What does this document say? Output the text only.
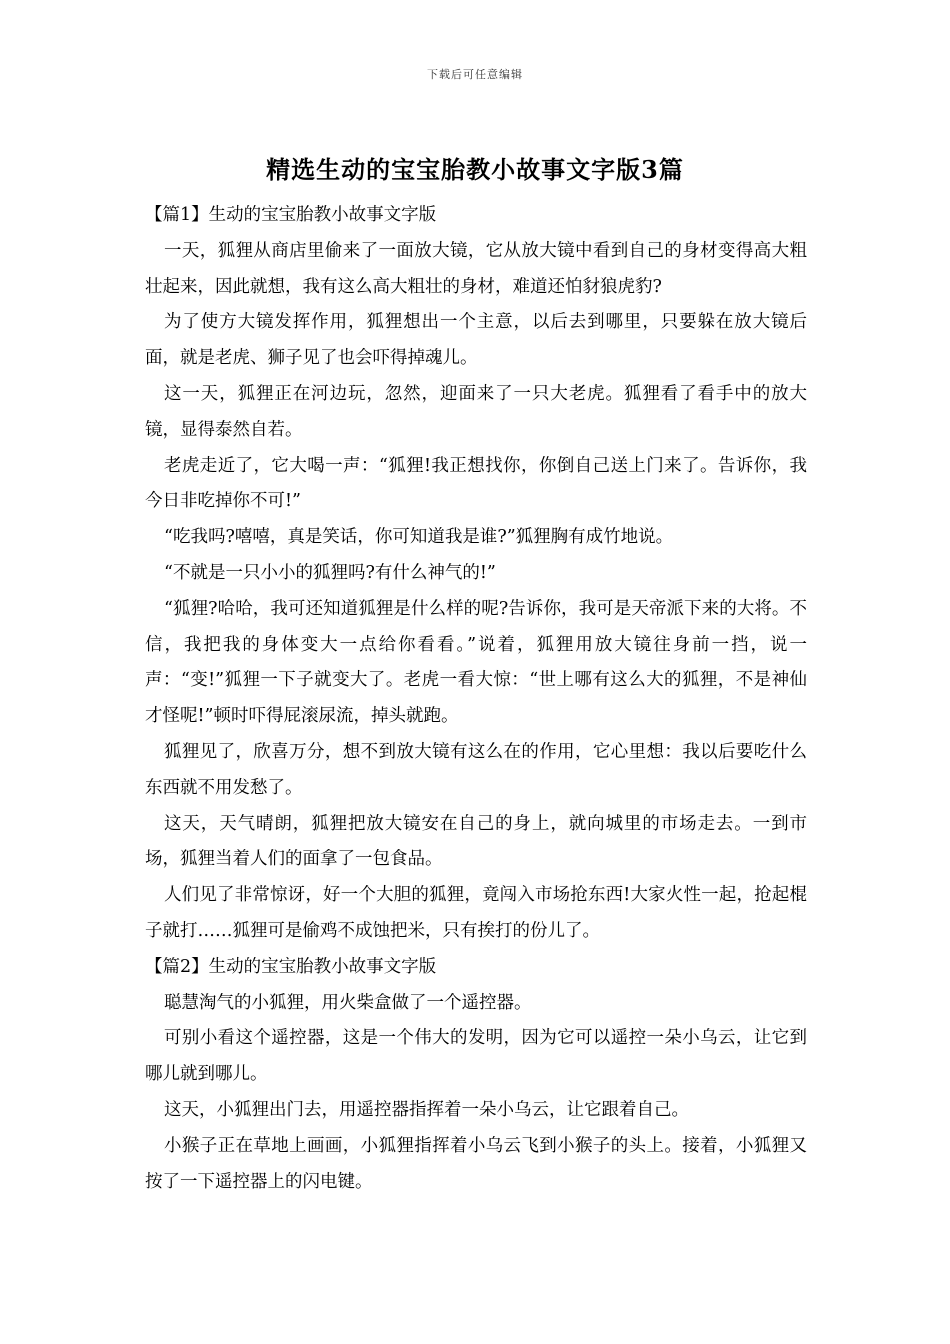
下载后可任意编辑
精选生动的宝宝胎教小故事文字版3篇

【篇1】生动的宝宝胎教小故事文字版

一天，狐狸从商店里偷来了一面放大镜，它从放大镜中看到自己的身材变得高大粗壮起来，因此就想，我有这么高大粗壮的身材，难道还怕豺狼虎豹?

为了使方大镜发挥作用，狐狸想出一个主意，以后去到哪里，只要躲在放大镜后面，就是老虎、狮子见了也会吓得掉魂儿。

这一天，狐狸正在河边玩，忽然，迎面来了一只大老虎。狐狸看了看手中的放大镜，显得泰然自若。

老虎走近了，它大喝一声：“狐狸!我正想找你，你倒自己送上门来了。告诉你，我今日非吃掉你不可!”

“吃我吗?嘻嘻，真是笑话，你可知道我是谁?”狐狸胸有成竹地说。

“不就是一只小小的狐狸吗?有什么神气的!”

“狐狸?哈哈，我可还知道狐狸是什么样的呢?告诉你，我可是天帝派下来的大将。不信，我把我的身体变大一点给你看看。”说着，狐狸用放大镜往身前一挡，说一声：“变!”狐狸一下子就变大了。老虎一看大惊：“世上哪有这么大的狐狸，不是神仙才怪呢!”顿时吓得屁滚尿流，掉头就跑。

狐狸见了，欣喜万分，想不到放大镜有这么在的作用，它心里想：我以后要吃什么东西就不用发愁了。

这天，天气晴朗，狐狸把放大镜安在自己的身上，就向城里的市场走去。一到市场，狐狸当着人们的面拿了一包食品。

人们见了非常惊讶，好一个大胆的狐狸，竟闯入市场抢东西!大家火性一起，抢起棍子就打……狐狸可是偷鸡不成蚀把米，只有挨打的份儿了。

【篇2】生动的宝宝胎教小故事文字版

聪慧淘气的小狐狸，用火柴盒做了一个遥控器。

可别小看这个遥控器，这是一个伟大的发明，因为它可以遥控一朵小乌云，让它到哪儿就到哪儿。

这天，小狐狸出门去，用遥控器指挥着一朵小乌云，让它跟着自己。

小猴子正在草地上画画，小狐狸指挥着小乌云飞到小猴子的头上。接着，小狐狸又按了一下遥控器上的闪电键。
